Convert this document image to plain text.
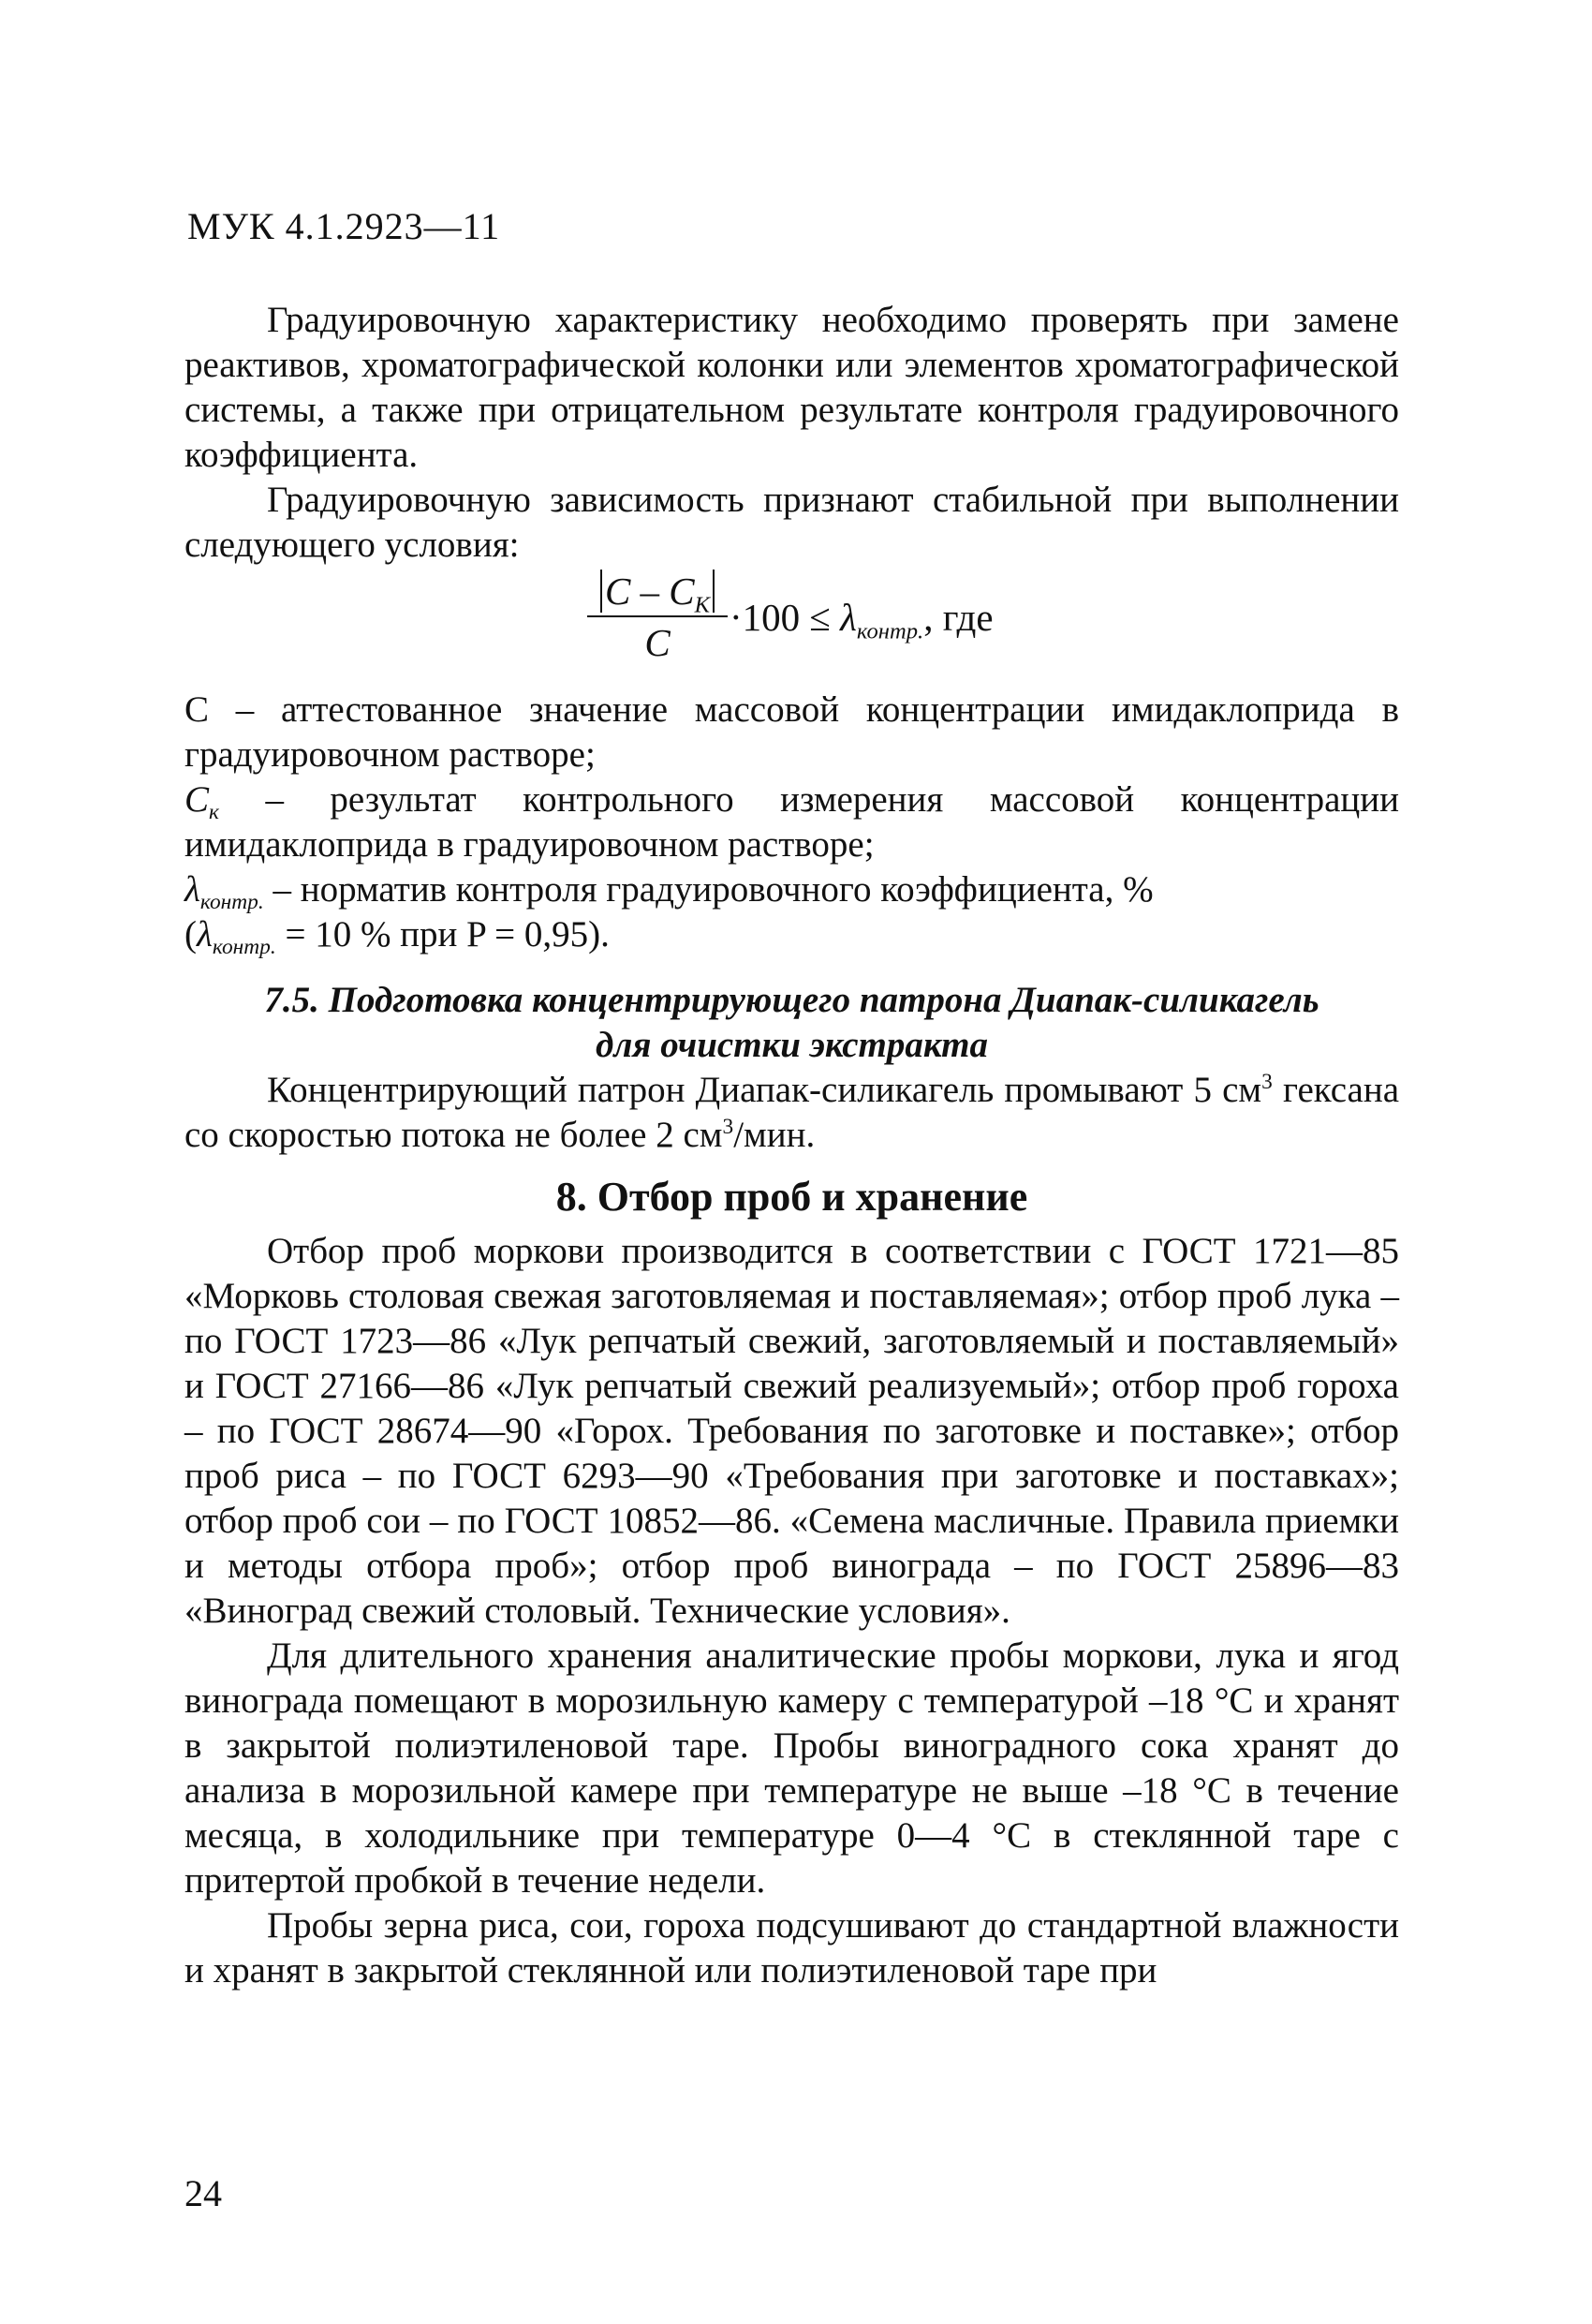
МУК 4.1.2923—11

Градуировочную характеристику необходимо проверять при замене реактивов, хроматографической колонки или элементов хроматографической системы, а также при отрицательном результате контроля градуировочного коэффициента.

Градуировочную зависимость признают стабильной при выполнении следующего условия:

C – $C_K$
C
$\cdot 100 \le \lambda_{контр.}$, где
C – аттестованное значение массовой концентрации имидаклоприда в градуировочном растворе;
$C_к$ – результат контрольного измерения массовой концентрации имидаклоприда в градуировочном растворе;
$\lambda_{контр.}$ – норматив контроля градуировочного коэффициента, %
($\lambda_{контр.} = 10$ % при P = 0,95).
7.5. Подготовка концентрирующего патрона Диапак-силикагель
для очистки экстракта

Концентрирующий патрон Диапак-силикагель промывают 5 $см^3$ гексана со скоростью потока не более 2 $см^3$/мин.

8. Отбор проб и хранение

Отбор проб моркови производится в соответствии с ГОСТ 1721—85 «Морковь столовая свежая заготовляемая и поставляемая»; отбор проб лука – по ГОСТ 1723—86 «Лук репчатый свежий, заготовляемый и поставляемый» и ГОСТ 27166—86 «Лук репчатый свежий реализуемый»; отбор проб гороха – по ГОСТ 28674—90 «Горох. Требования по заготовке и поставке»; отбор проб риса – по ГОСТ 6293—90 «Требования при заготовке и поставках»; отбор проб сои – по ГОСТ 10852—86. «Семена масличные. Правила приемки и методы отбора проб»; отбор проб винограда – по ГОСТ 25896—83 «Виноград свежий столовый. Технические условия».

Для длительного хранения аналитические пробы моркови, лука и ягод винограда помещают в морозильную камеру с температурой –18 °С и хранят в закрытой полиэтиленовой таре. Пробы виноградного сока хранят до анализа в морозильной камере при температуре не выше –18 °С в течение месяца, в холодильнике при температуре 0—4 °С в стеклянной таре с притертой пробкой в течение недели.

Пробы зерна риса, сои, гороха подсушивают до стандартной влажности и хранят в закрытой стеклянной или полиэтиленовой таре при

24
